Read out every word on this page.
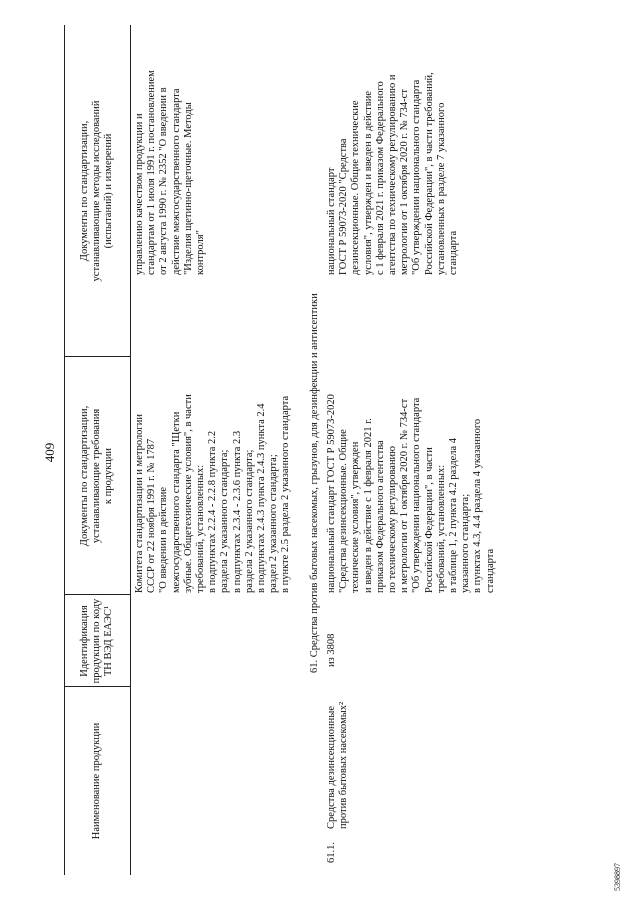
409
Наименование продукции
Идентификация продукции по коду ТН ВЭД ЕАЭС¹
Документы по стандартизации, устанавливающие требования к продукции
Документы по стандартизации, устанавливающие методы исследований (испытаний) и измерений
Комитета стандартизации и метрологии СССР от 22 ноября 1991 г. № 1787 "О введении в действие межгосударственного стандарта "Щетки зубные. Общетехнические условия", в части требований, установленных: в подпунктах 2.2.4 - 2.2.8 пункта 2.2 раздела 2 указанного стандарта; в подпунктах 2.3.4 - 2.3.6 пункта 2.3 раздела 2 указанного стандарта; в подпунктах 2.4.3 пункта 2.4.3 пункта 2.4 раздел 2 указанного стандарта; в пункте 2.5 раздела 2 указанного стандарта
управлению качеством продукции и стандартам от 1 июля 1991 г. постановлением от 2 августа 1990 г. № 2352 "О введении в действие межгосударственного стандарта "Изделия щетинно-щеточные. Методы контроля"
61. Средства против бытовых насекомых, грызунов, для дезинфекции и антисептики
61.1.
Средства дезинсекционные против бытовых насекомых²
из 3808
национальный стандарт ГОСТ Р 59073-2020 "Средства дезинсекционные. Общие технические условия", утвержден и введен в действие с 1 февраля 2021 г. приказом Федерального агентства по техническому регулированию и метрологии от 1 октября 2020 г. № 734-ст "Об утверждении национального стандарта Российской Федерации", в части требований, установленных: в таблице 1, 2 пункта 4.2 раздела 4 указанного стандарта; в пунктах 4.3, 4.4 раздела 4 указанного стандарта
национальный стандарт ГОСТ Р 59073-2020 "Средства дезинсекционные. Общие технические условия", утвержден и введен в действие с 1 февраля 2021 г. приказом Федерального агентства по техническому регулированию и метрологии от 1 октября 2020 г. № 734-ст "Об утверждении национального стандарта Российской Федерации", в части требований, установленных в разделе 7 указанного стандарта
5398897
